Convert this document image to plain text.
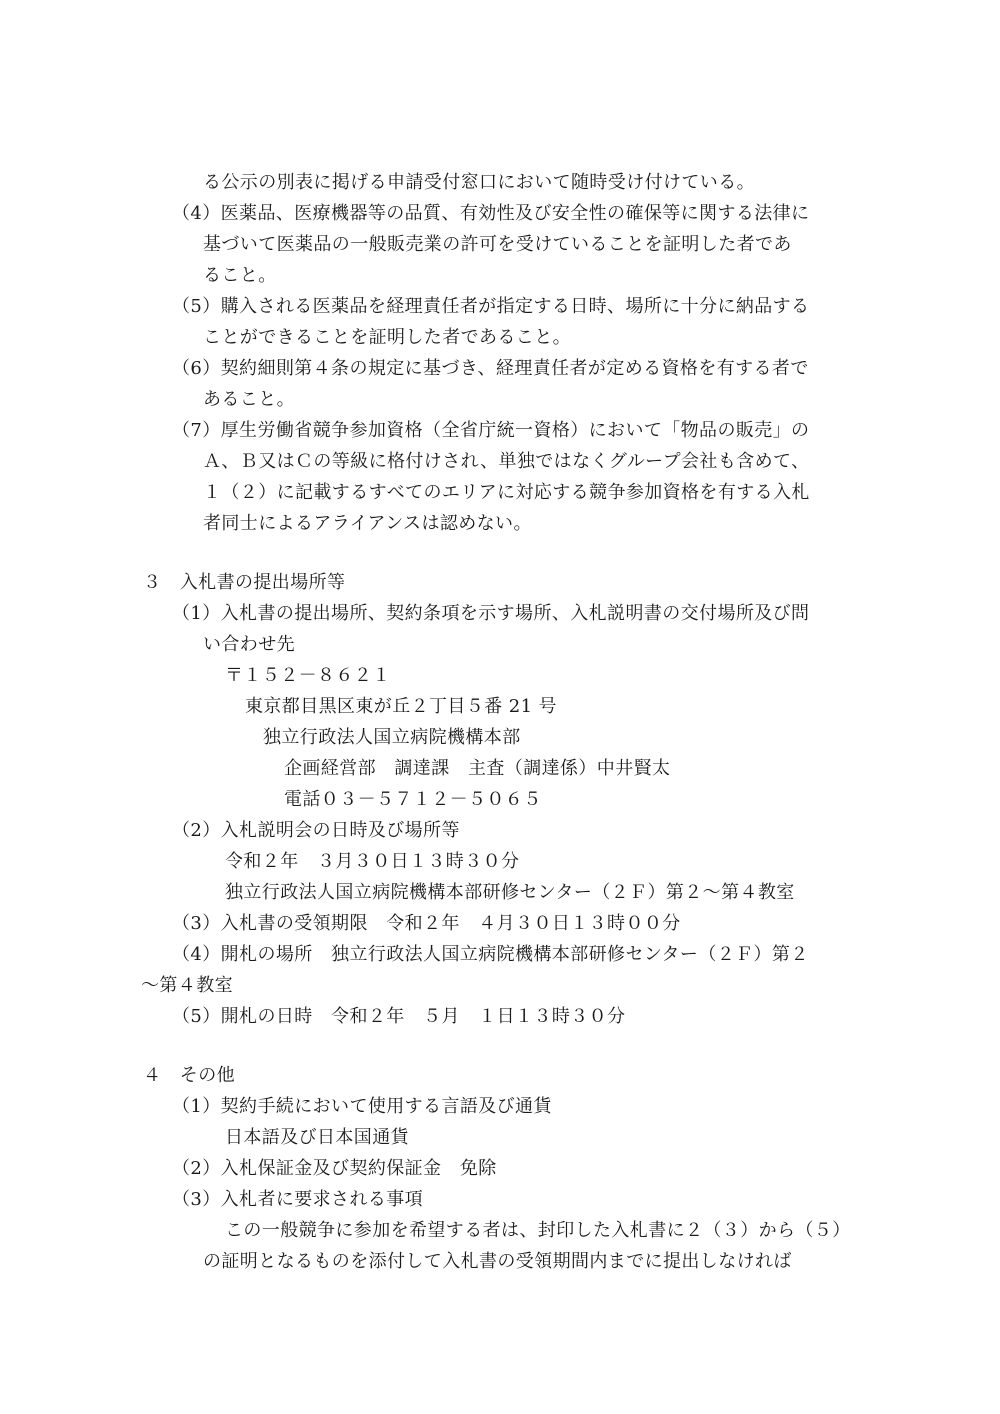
る公示の別表に掲げる申請受付窓口において随時受け付けている。
（4）医薬品、医療機器等の品質、有効性及び安全性の確保等に関する法律に
基づいて医薬品の一般販売業の許可を受けていることを証明した者であ
ること。
（5）購入される医薬品を経理責任者が指定する日時、場所に十分に納品する
ことができることを証明した者であること。
（6）契約細則第４条の規定に基づき、経理責任者が定める資格を有する者で
あること。
（7）厚生労働省競争参加資格（全省庁統一資格）において「物品の販売」の
Ａ、Ｂ又はＣの等級に格付けされ、単独ではなくグループ会社も含めて、
１（２）に記載するすべてのエリアに対応する競争参加資格を有する入札
者同士によるアライアンスは認めない。
３　入札書の提出場所等
（1）入札書の提出場所、契約条項を示す場所、入札説明書の交付場所及び問
い合わせ先
〒１５２－８６２１
東京都目黒区東が丘２丁目５番 21 号
独立行政法人国立病院機構本部
企画経営部　調達課　主査（調達係）中井賢太
電話０３－５７１２－５０６５
（2）入札説明会の日時及び場所等
令和２年　３月３０日１３時３０分
独立行政法人国立病院機構本部研修センター（２Ｆ）第２～第４教室
（3）入札書の受領期限　令和２年　４月３０日１３時００分
（4）開札の場所　独立行政法人国立病院機構本部研修センター（２Ｆ）第２
～第４教室
（5）開札の日時　令和２年　５月　１日１３時３０分
４　その他
（1）契約手続において使用する言語及び通貨
日本語及び日本国通貨
（2）入札保証金及び契約保証金　免除
（3）入札者に要求される事項
この一般競争に参加を希望する者は、封印した入札書に２（３）から（５）
の証明となるものを添付して入札書の受領期間内までに提出しなければ
